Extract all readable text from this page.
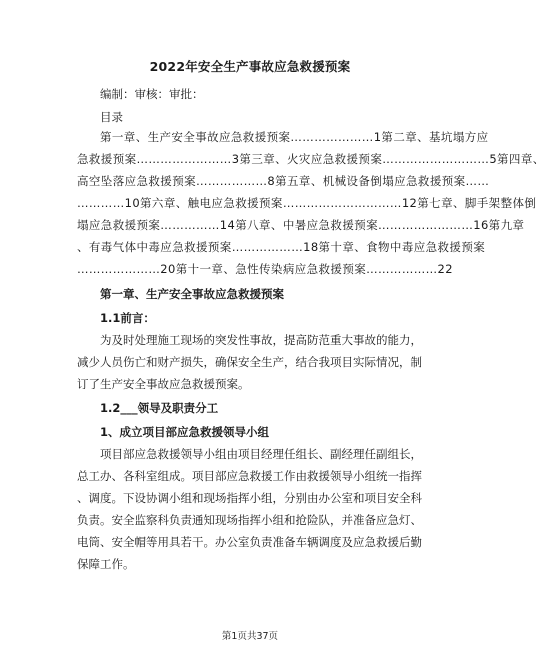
2022年安全生产事故应急救援预案
编制：审核：审批：
目录
第一章、生产安全事故应急救援预案…………………1第二章、基坑塌方应
急救援预案……………………3第三章、火灾应急救援预案………………………5第四章、
高空坠落应急救援预案………………8第五章、机械设备倒塌应急救援预案……
…………10第六章、触电应急救援预案…………………………12第七章、脚手架整体倒
塌应急救援预案……………14第八章、中暑应急救援预案……………………16第九章
、有毒气体中毒应急救援预案………………18第十章、食物中毒应急救援预案
…………………20第十一章、急性传染病应急救援预案………………22
第一章、生产安全事故应急救援预案
1.1前言：
为及时处理施工现场的突发性事故，提高防范重大事故的能力，
减少人员伤亡和财产损失，确保安全生产，结合我项目实际情况，制
订了生产安全事故应急救援预案。
1.2___领导及职责分工
1、成立项目部应急救援领导小组
项目部应急救援领导小组由项目经理任组长、副经理任副组长，
总工办、各科室组成。项目部应急救援工作由救援领导小组统一指挥
、调度。下设协调小组和现场指挥小组，分别由办公室和项目安全科
负责。安全监察科负责通知现场指挥小组和抢险队，并准备应急灯、
电筒、安全帽等用具若干。办公室负责准备车辆调度及应急救援后勤
保障工作。
第1页共37页
